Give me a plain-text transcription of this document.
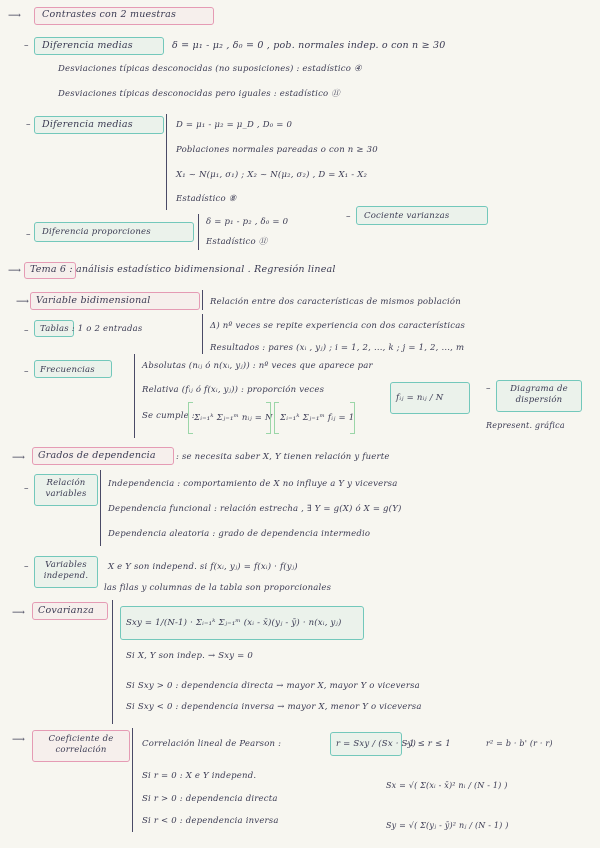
⟶ Contrastes con 2 muestras
– Diferencia medias	δ = μ₁ - μ₂ , δ₀ = 0 , pob. normales indep. o con n ≥ 30
Desviaciones típicas desconocidas (no suposiciones) : estadístico ④
Desviaciones típicas desconocidas pero iguales : estadístico ⑪
– Diferencia medias	D = μ₁ - μ₂ = μ_D , D₀ = 0
Poblaciones normales pareadas o con n ≥ 30
X₁ ~ N(μ₁, σ₁) ; X₂ ~ N(μ₂, σ₂) , D = X₁ - X₂
Estadístico ⑧
– Diferencia proporciones
δ = p₁ - p₂ , δ₀ = 0
Estadístico ⑪
– Cociente varianzas
⟶ Tema 6 : análisis estadístico bidimensional . Regresión lineal
⟶ Variable bidimensional	Relación entre dos características de mismos población
– Tablas : 1 o 2 entradas	Δ) nº veces se repite experiencia con dos características
Resultados : pares (xᵢ , yⱼ) ; i = 1, 2, ..., k ; j = 1, 2, ..., m
– Frecuencias	Absolutas (nᵢⱼ ó n(xᵢ, yⱼ)) : nº veces que aparece par
Relativa (fᵢⱼ ó f(xᵢ, yⱼ)) : proporción veces
fᵢⱼ = nᵢⱼ / N
Se cumple : Σᵢ₌₁ᵏ Σⱼ₌₁ᵐ nᵢⱼ = N Σᵢ₌₁ᵏ Σⱼ₌₁ᵐ fᵢⱼ = 1
–	Diagrama de dispersión
Represent. gráfica
⟶ Grados de dependencia : se necesita saber X, Y tienen relación y fuerte
–
Relación variables
Independencia : comportamiento de X no influye a Y y viceversa
Dependencia funcional : relación estrecha , ∃ Y = g(X) ó X = g(Y)
Dependencia aleatoria : grado de dependencia intermedio
–	Variables independ.
X e Y son independ. si f(xᵢ, yⱼ) = f(xᵢ) · f(yⱼ)
las filas y columnas de la tabla son proporcionales
⟶ Covarianza
Sxy = 1/(N-1) · Σᵢ₌₁ᵏ Σⱼ₌₁ᵐ (xᵢ - x̄)(yⱼ - ȳ) · n(xᵢ, yⱼ)
Si X, Y son indep. → Sxy = 0
Si Sxy > 0 : dependencia directa → mayor X, mayor Y o viceversa
Si Sxy < 0 : dependencia inversa → mayor X, menor Y o viceversa
⟶	Coeficiente de correlación
Correlación lineal de Pearson :	r = Sxy / (Sx · Sy)
-1 ≤ r ≤ 1	r² = b · b' (r · r)
Si r = 0 : X e Y independ.
Si r > 0 : dependencia directa
Si r < 0 : dependencia inversa
Sx = √( Σ(xᵢ - x̄)² nᵢ / (N - 1) )
Sy = √( Σ(yⱼ - ȳ)² nⱼ / (N - 1) )
